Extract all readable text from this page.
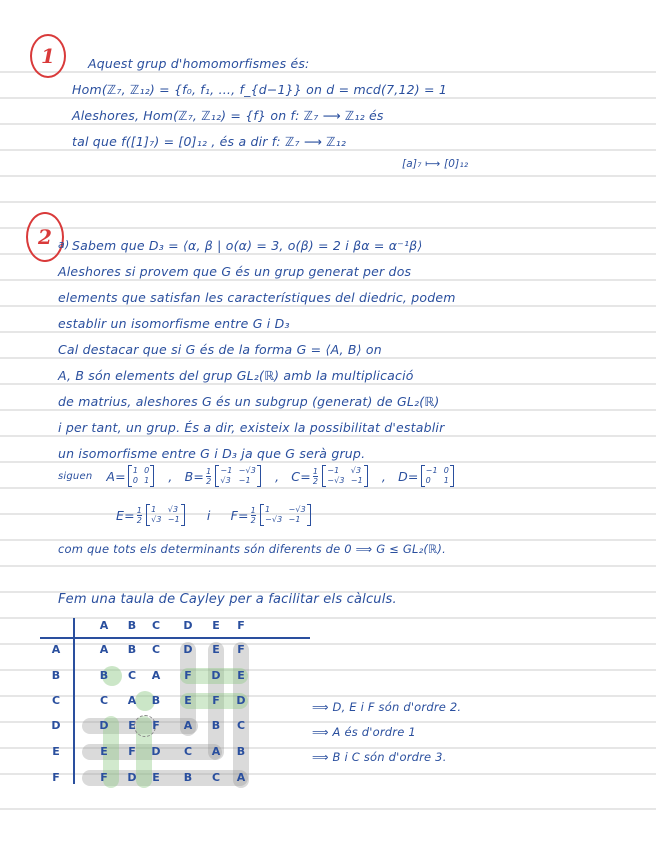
1	Aquest grup d'homomorfismes és:
Hom(ℤ₇, ℤ₁₂) = {f₀, f₁, …, f_{d−1}} on d = mcd(7,12) = 1
Aleshores, Hom(ℤ₇, ℤ₁₂) = {f} on f: ℤ₇ ⟶ ℤ₁₂ és
tal que f([1]₇) = [0]₁₂ , és a dir f: ℤ₇ ⟶ ℤ₁₂
[a]₇ ⟼ [0]₁₂
2 a) Sabem que D₃ = ⟨α, β | o(α) = 3, o(β) = 2 i βα = α⁻¹β⟩
Aleshores si provem que G és un grup generat per dos
elements que satisfan les característiques del diedric, podem
establir un isomorfisme entre G i D₃
Cal destacar que si G és de la forma G = ⟨A, B⟩ on
A, B són elements del grup GL₂(ℝ) amb la multiplicació
de matrius, aleshores G és un subgrup (generat) de GL₂(ℝ)
i per tant, un grup. És a dir, existeix la possibilitat d'establir
un isomorfisme entre G i D₃ ja que G serà grup.
siguen A = 1 0
0 1 , $B = \frac{1}{2} -1 -√3$
√3 −1	, $C = \frac{1}{2} -1$	√3
−√3 −1 , D = −1 0
0	1
$E = \frac{1}{2} 1$	√3
√3 −1 i $F = \frac{1}{2} 1$	−√3
−√3 −1
com que tots els determinants són diferents de 0 ⟹ G ≤ GL₂(ℝ).
Fem una taula de Cayley per a facilitar els càlculs.
A	B	C	D	E	F
A	A	B	C	D	E	F
B	B	C	A	F	D	E
C	C	A	B	E	F	D
D	D	E	F	A	B	C
E	E	F	D	C	A	B
F	F	D	E	B	C	A
⟹ D, E i F són d'ordre 2.
⟹ A és d'ordre 1
⟹ B i C són d'ordre 3.
